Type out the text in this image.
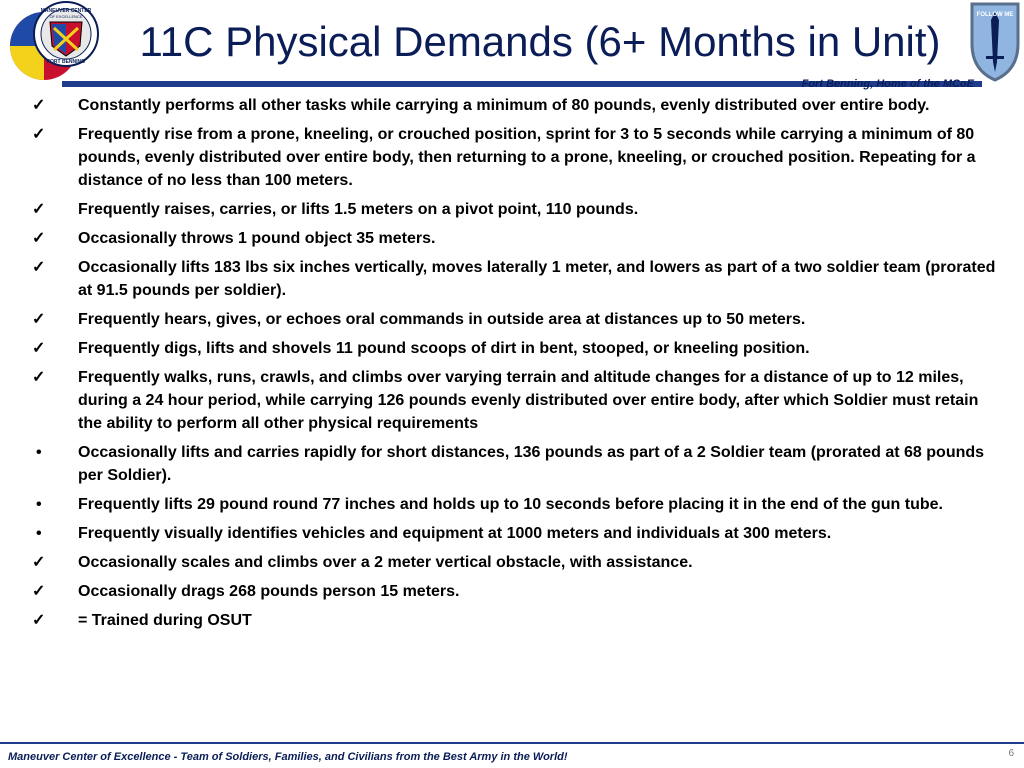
MANEUVER CENTER
OF EXCELLENCE
FORT BENNING	11C Physical Demands (6+ Months in Unit)
FOLLOW ME
Fort Benning, Home of the MCoE
✓	Constantly performs all other tasks while carrying a minimum of 80 pounds, evenly distributed over entire body.
✓	Frequently rise from a prone, kneeling, or crouched position, sprint for 3 to 5 seconds while carrying a minimum of 80 pounds, evenly distributed over entire body, then returning to a prone, kneeling, or crouched position. Repeating for a distance of no less than 100 meters.
✓	Frequently raises, carries, or lifts 1.5 meters on a pivot point, 110 pounds.
✓	Occasionally throws 1 pound object 35 meters.
✓	Occasionally lifts 183 lbs six inches vertically, moves laterally 1 meter, and lowers as part of a two soldier team (prorated at 91.5 pounds per soldier).
✓	Frequently hears, gives, or echoes oral commands in outside area at distances up to 50 meters.
✓	Frequently digs, lifts and shovels 11 pound scoops of dirt in bent, stooped, or kneeling position.
✓	Frequently walks, runs, crawls, and climbs over varying terrain and altitude changes for a distance of up to 12 miles, during a 24 hour period, while carrying 126 pounds evenly distributed over entire body, after which Soldier must retain the ability to perform all other physical requirements
•	Occasionally lifts and carries rapidly for short distances, 136 pounds as part of a 2 Soldier team (prorated at 68 pounds per Soldier).
•	Frequently lifts 29 pound round 77 inches and holds up to 10 seconds before placing it in the end of the gun tube.
•	Frequently visually identifies vehicles and equipment at 1000 meters and individuals at 300 meters.
✓	Occasionally scales and climbs over a 2 meter vertical obstacle, with assistance.
✓	Occasionally drags 268 pounds person 15 meters.
✓	= Trained during OSUT
Maneuver Center of Excellence - Team of Soldiers, Families, and Civilians from the Best Army in the World!	6
